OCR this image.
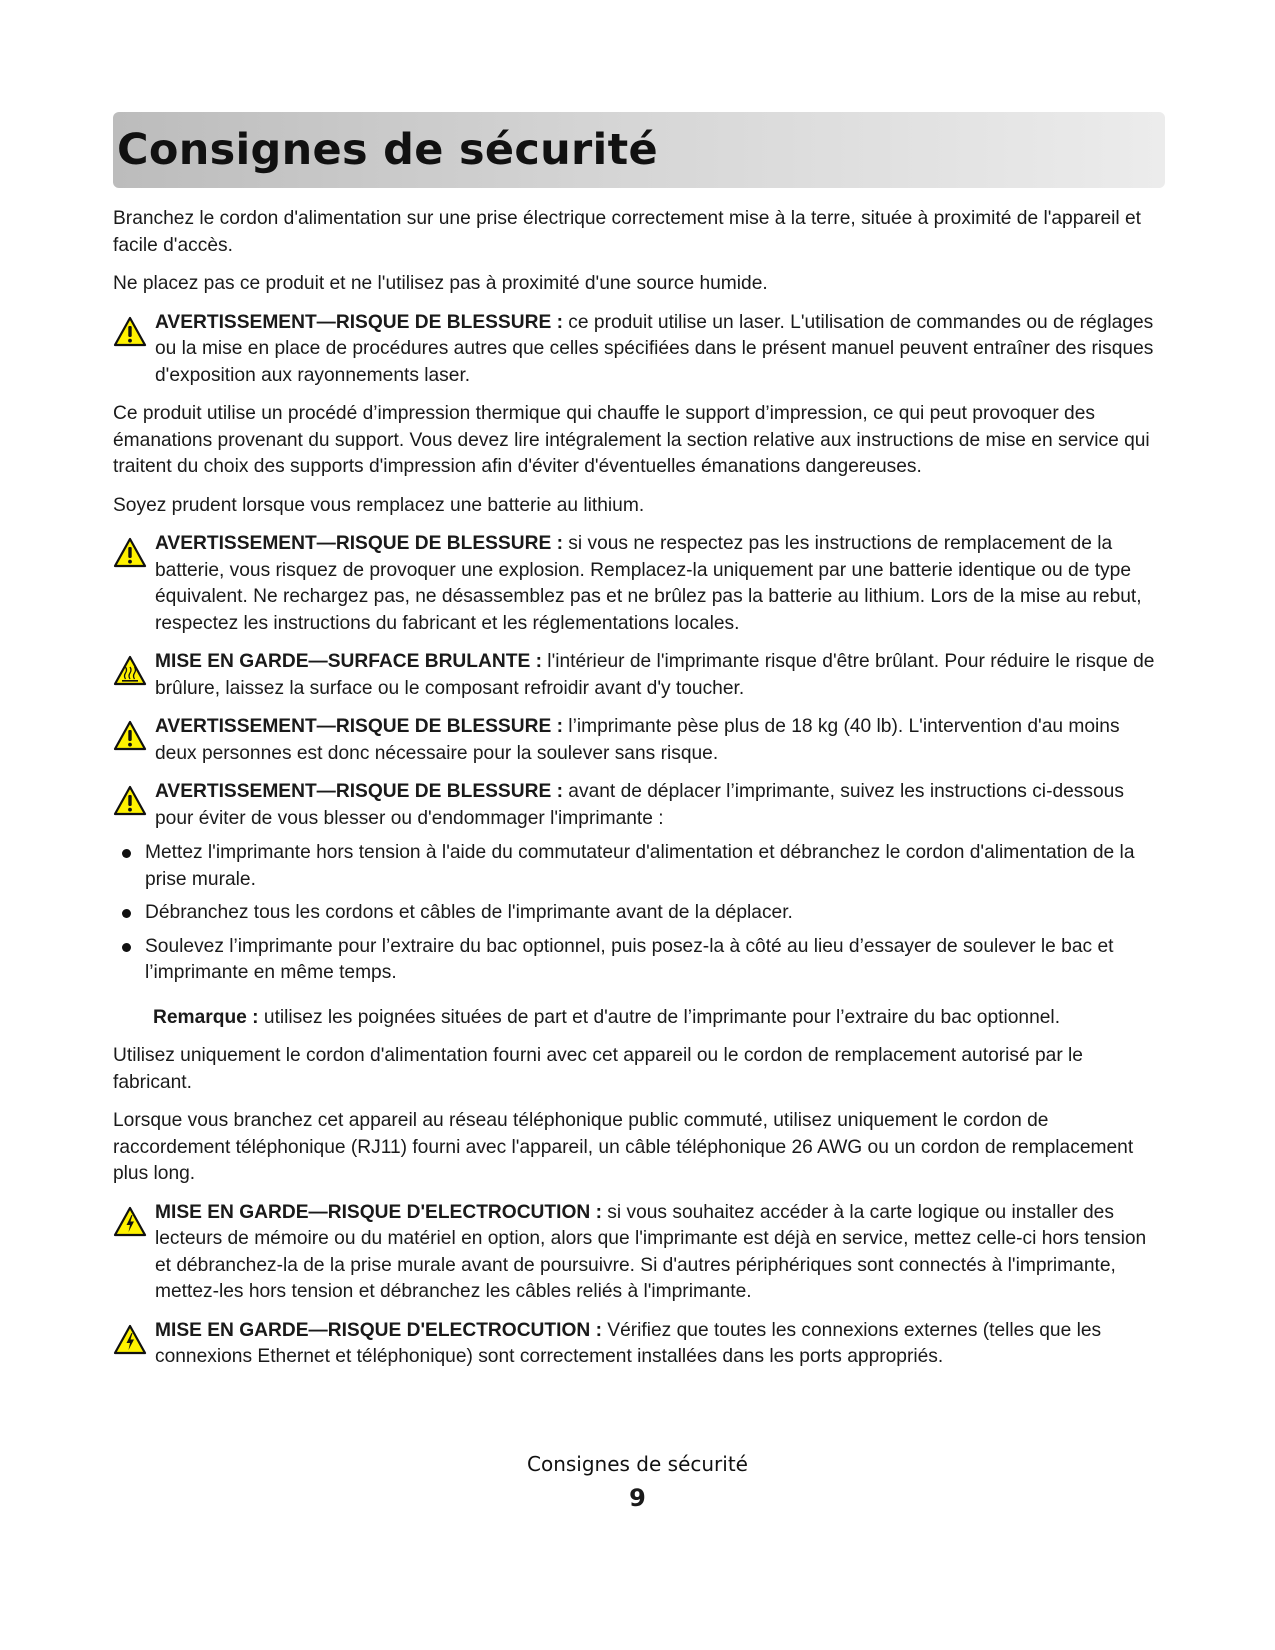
Consignes de sécurité

Branchez le cordon d'alimentation sur une prise électrique correctement mise à la terre, située à proximité de l'appareil et facile d'accès.

Ne placez pas ce produit et ne l'utilisez pas à proximité d'une source humide.

AVERTISSEMENT—RISQUE DE BLESSURE : ce produit utilise un laser. L'utilisation de commandes ou de réglages ou la mise en place de procédures autres que celles spécifiées dans le présent manuel peuvent entraîner des risques d'exposition aux rayonnements laser.

Ce produit utilise un procédé d’impression thermique qui chauffe le support d’impression, ce qui peut provoquer des émanations provenant du support. Vous devez lire intégralement la section relative aux instructions de mise en service qui traitent du choix des supports d'impression afin d'éviter d'éventuelles émanations dangereuses.

Soyez prudent lorsque vous remplacez une batterie au lithium.

AVERTISSEMENT—RISQUE DE BLESSURE : si vous ne respectez pas les instructions de remplacement de la batterie, vous risquez de provoquer une explosion. Remplacez-la uniquement par une batterie identique ou de type équivalent. Ne rechargez pas, ne désassemblez pas et ne brûlez pas la batterie au lithium. Lors de la mise au rebut, respectez les instructions du fabricant et les réglementations locales.
MISE EN GARDE—SURFACE BRULANTE : l'intérieur de l'imprimante risque d'être brûlant. Pour réduire le risque de brûlure, laissez la surface ou le composant refroidir avant d'y toucher.
AVERTISSEMENT—RISQUE DE BLESSURE : l’imprimante pèse plus de 18 kg (40 lb). L'intervention d'au moins deux personnes est donc nécessaire pour la soulever sans risque.
AVERTISSEMENT—RISQUE DE BLESSURE : avant de déplacer l’imprimante, suivez les instructions ci-dessous pour éviter de vous blesser ou d'endommager l'imprimante :
Mettez l'imprimante hors tension à l'aide du commutateur d'alimentation et débranchez le cordon d'alimentation de la prise murale.
Débranchez tous les cordons et câbles de l'imprimante avant de la déplacer.
Soulevez l’imprimante pour l’extraire du bac optionnel, puis posez-la à côté au lieu d’essayer de soulever le bac et l’imprimante en même temps.
Remarque : utilisez les poignées situées de part et d'autre de l’imprimante pour l’extraire du bac optionnel.

Utilisez uniquement le cordon d'alimentation fourni avec cet appareil ou le cordon de remplacement autorisé par le fabricant.

Lorsque vous branchez cet appareil au réseau téléphonique public commuté, utilisez uniquement le cordon de raccordement téléphonique (RJ11) fourni avec l'appareil, un câble téléphonique 26 AWG ou un cordon de remplacement plus long.

MISE EN GARDE—RISQUE D'ELECTROCUTION : si vous souhaitez accéder à la carte logique ou installer des lecteurs de mémoire ou du matériel en option, alors que l'imprimante est déjà en service, mettez celle-ci hors tension et débranchez-la de la prise murale avant de poursuivre. Si d'autres périphériques sont connectés à l'imprimante, mettez-les hors tension et débranchez les câbles reliés à l'imprimante.
MISE EN GARDE—RISQUE D'ELECTROCUTION : Vérifiez que toutes les connexions externes (telles que les connexions Ethernet et téléphonique) sont correctement installées dans les ports appropriés.
Consignes de sécurité
9
